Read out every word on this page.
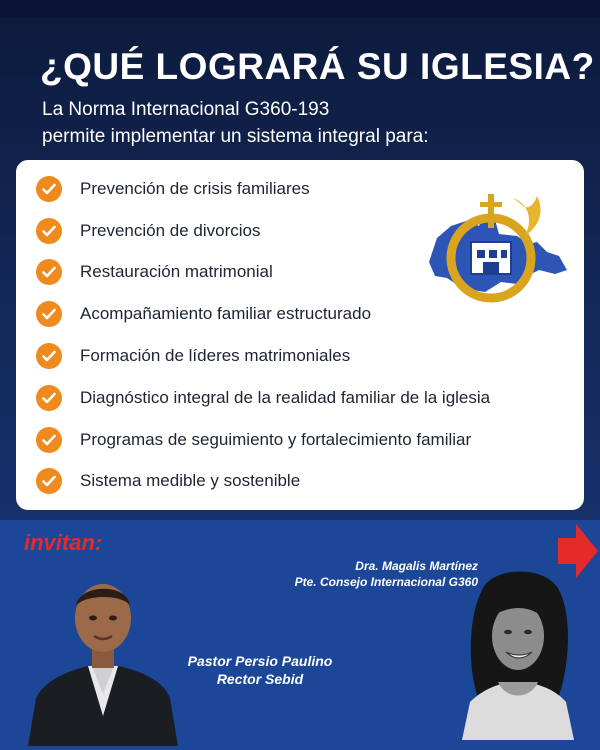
¿QUÉ LOGRARÁ SU IGLESIA?
La Norma Internacional G360-193
permite implementar un sistema integral para:
Prevención de crisis familiares
Prevención de divorcios
Restauración matrimonial
Acompañamiento familiar estructurado
Formación de líderes matrimoniales
Diagnóstico integral de la realidad familiar de la iglesia
Programas de seguimiento y fortalecimiento familiar
Sistema medible y sostenible
invitan:
Dra. Magalis Martínez
Pte. Consejo Internacional G360
Pastor Persio Paulino
Rector Sebid
